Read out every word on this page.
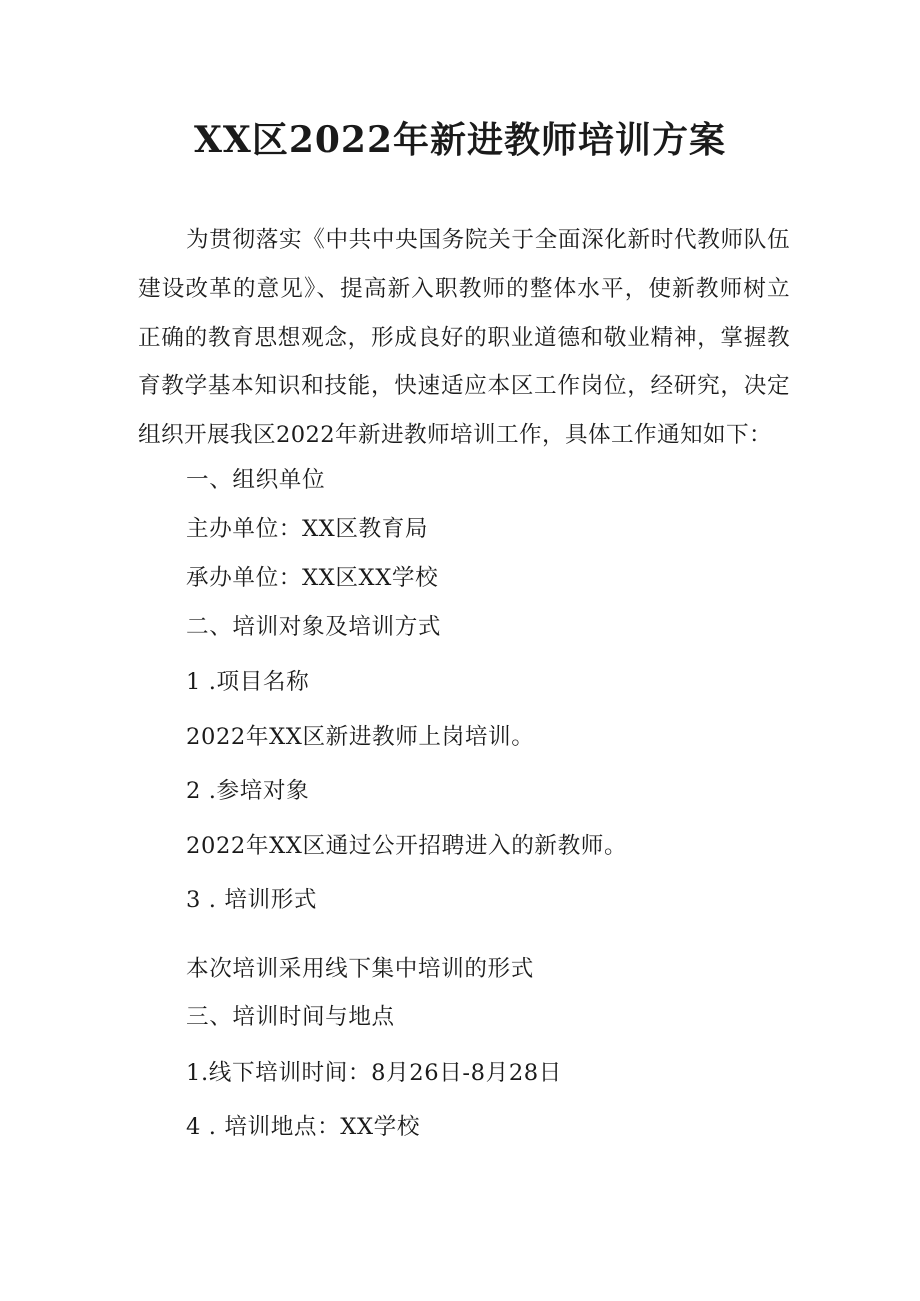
XX区2022年新进教师培训方案

为贯彻落实《中共中央国务院关于全面深化新时代教师队伍建设改革的意见》、提高新入职教师的整体水平，使新教师树立正确的教育思想观念，形成良好的职业道德和敬业精神，掌握教育教学基本知识和技能，快速适应本区工作岗位，经研究，决定组织开展我区2022年新进教师培训工作，具体工作通知如下：

一、组织单位

主办单位：XX区教育局

承办单位：XX区XX学校

二、培训对象及培训方式

1 .项目名称

2022年XX区新进教师上岗培训。

2 .参培对象

2022年XX区通过公开招聘进入的新教师。

3 . 培训形式

本次培训采用线下集中培训的形式

三、培训时间与地点

1.线下培训时间：8月26日-8月28日

4 . 培训地点：XX学校
